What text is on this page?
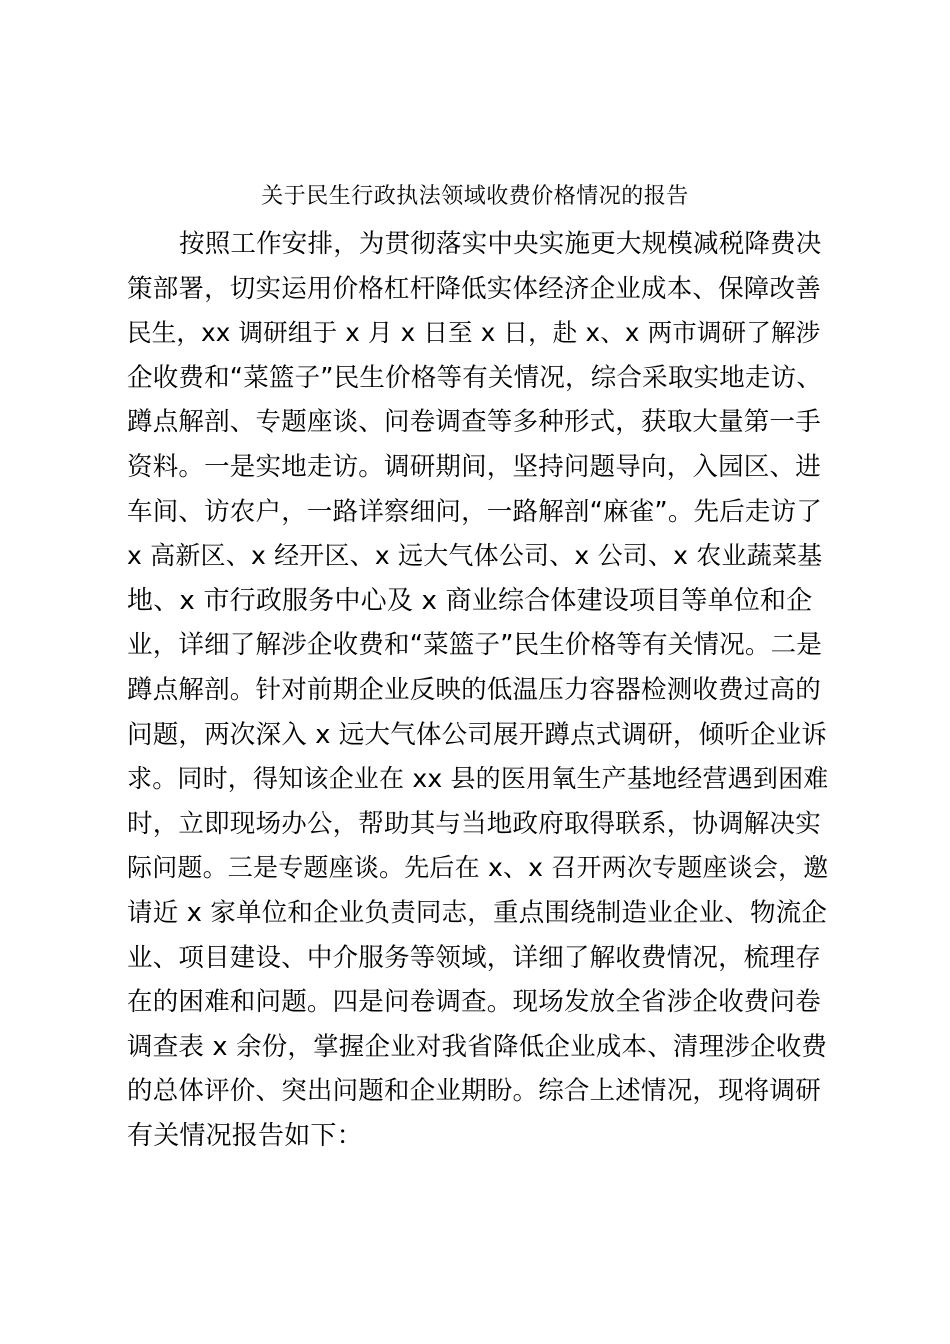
关于民生行政执法领域收费价格情况的报告
按照工作安排，为贯彻落实中央实施更大规模减税降费决
策部署，切实运用价格杠杆降低实体经济企业成本、保障改善
民生，xx 调研组于 x 月 x 日至 x 日，赴 x、x 两市调研了解涉
企收费和“菜篮子”民生价格等有关情况，综合采取实地走访、
蹲点解剖、专题座谈、问卷调查等多种形式，获取大量第一手
资料。一是实地走访。调研期间，坚持问题导向，入园区、进
车间、访农户，一路详察细问，一路解剖“麻雀”。先后走访了
x 高新区、x 经开区、x 远大气体公司、x 公司、x 农业蔬菜基
地、x 市行政服务中心及 x 商业综合体建设项目等单位和企
业，详细了解涉企收费和“菜篮子”民生价格等有关情况。二是
蹲点解剖。针对前期企业反映的低温压力容器检测收费过高的
问题，两次深入 x 远大气体公司展开蹲点式调研，倾听企业诉
求。同时，得知该企业在 xx 县的医用氧生产基地经营遇到困难
时，立即现场办公，帮助其与当地政府取得联系，协调解决实
际问题。三是专题座谈。先后在 x、x 召开两次专题座谈会，邀
请近 x 家单位和企业负责同志，重点围绕制造业企业、物流企
业、项目建设、中介服务等领域，详细了解收费情况，梳理存
在的困难和问题。四是问卷调查。现场发放全省涉企收费问卷
调查表 x 余份，掌握企业对我省降低企业成本、清理涉企收费
的总体评价、突出问题和企业期盼。综合上述情况，现将调研
有关情况报告如下：
